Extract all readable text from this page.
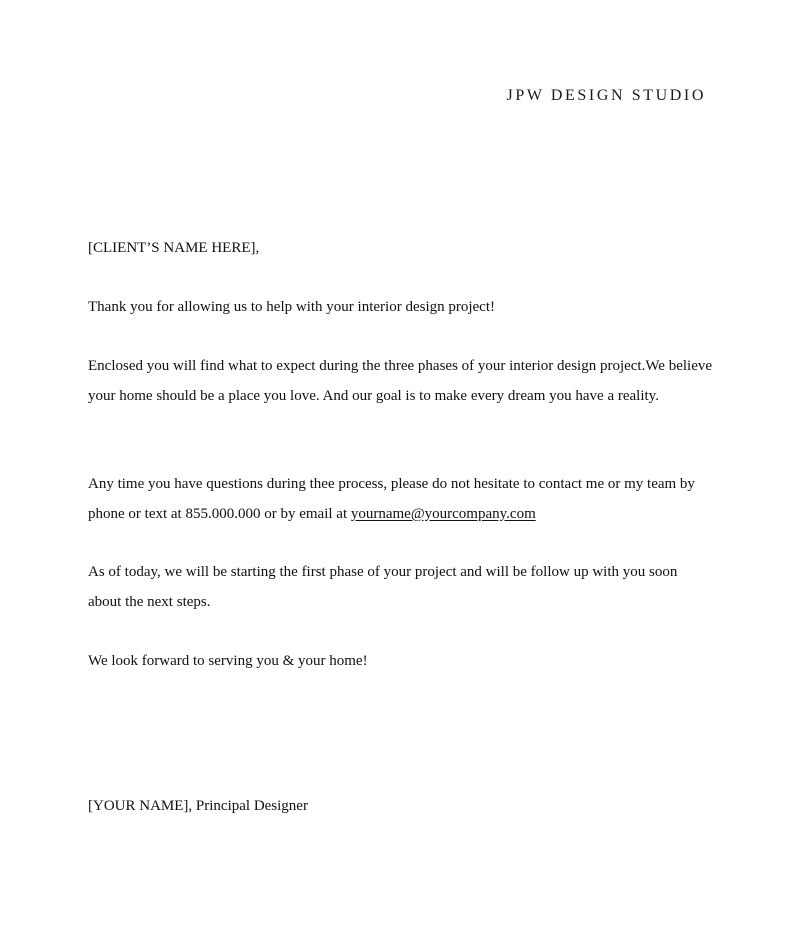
JPW DESIGN STUDIO

[CLIENT’S NAME HERE],

Thank you for allowing us to help with your interior design project!

Enclosed you will find what to expect during the three phases of your interior design project.We believe your home should be a place you love. And our goal is to make every dream you have a reality.

Any time you have questions during thee process, please do not hesitate to contact me or my team by phone or text at 855.000.000 or by email at yourname@yourcompany.com

As of today, we will be starting the first phase of your project and will be follow up with you soon about the next steps.

We look forward to serving you & your home!

[YOUR NAME], Principal Designer
